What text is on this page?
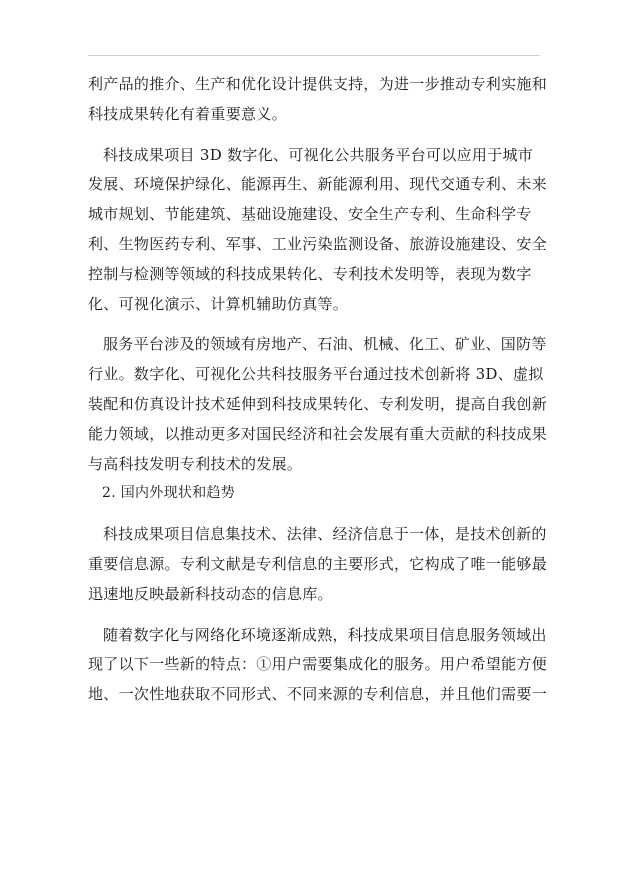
利产品的推介、生产和优化设计提供支持，为进一步推动专利实施和科技成果转化有着重要意义。

科技成果项目 3D 数字化、可视化公共服务平台可以应用于城市发展、环境保护绿化、能源再生、新能源利用、现代交通专利、未来城市规划、节能建筑、基础设施建设、安全生产专利、生命科学专利、生物医药专利、军事、工业污染监测设备、旅游设施建设、安全控制与检测等领域的科技成果转化、专利技术发明等，表现为数字化、可视化演示、计算机辅助仿真等。

服务平台涉及的领域有房地产、石油、机械、化工、矿业、国防等行业。数字化、可视化公共科技服务平台通过技术创新将 3D、虚拟装配和仿真设计技术延伸到科技成果转化、专利发明，提高自我创新能力领域，以推动更多对国民经济和社会发展有重大贡献的科技成果与高科技发明专利技术的发展。

2. 国内外现状和趋势

科技成果项目信息集技术、法律、经济信息于一体，是技术创新的重要信息源。专利文献是专利信息的主要形式，它构成了唯一能够最迅速地反映最新科技动态的信息库。

随着数字化与网络化环境逐渐成熟，科技成果项目信息服务领域出现了以下一些新的特点：①用户需要集成化的服务。用户希望能方便地、一次性地获取不同形式、不同来源的专利信息，并且他们需要一
